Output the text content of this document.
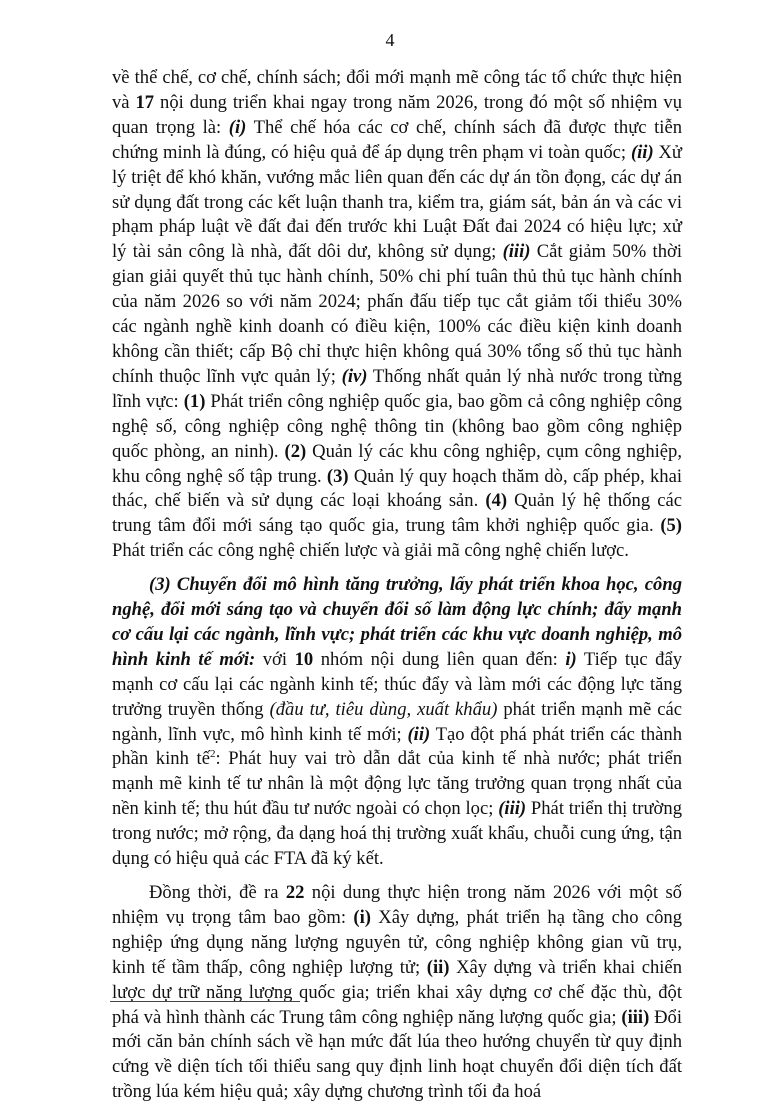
4

về thể chế, cơ chế, chính sách; đổi mới mạnh mẽ công tác tổ chức thực hiện và 17 nội dung triển khai ngay trong năm 2026, trong đó một số nhiệm vụ quan trọng là: (i) Thể chế hóa các cơ chế, chính sách đã được thực tiễn chứng minh là đúng, có hiệu quả để áp dụng trên phạm vi toàn quốc; (ii) Xử lý triệt để khó khăn, vướng mắc liên quan đến các dự án tồn đọng, các dự án sử dụng đất trong các kết luận thanh tra, kiểm tra, giám sát, bản án và các vi phạm pháp luật về đất đai đến trước khi Luật Đất đai 2024 có hiệu lực; xử lý tài sản công là nhà, đất dôi dư, không sử dụng; (iii) Cắt giảm 50% thời gian giải quyết thủ tục hành chính, 50% chi phí tuân thủ thủ tục hành chính của năm 2026 so với năm 2024; phấn đấu tiếp tục cắt giảm tối thiểu 30% các ngành nghề kinh doanh có điều kiện, 100% các điều kiện kinh doanh không cần thiết; cấp Bộ chỉ thực hiện không quá 30% tổng số thủ tục hành chính thuộc lĩnh vực quản lý; (iv) Thống nhất quản lý nhà nước trong từng lĩnh vực: (1) Phát triển công nghiệp quốc gia, bao gồm cả công nghiệp công nghệ số, công nghiệp công nghệ thông tin (không bao gồm công nghiệp quốc phòng, an ninh). (2) Quản lý các khu công nghiệp, cụm công nghiệp, khu công nghệ số tập trung. (3) Quản lý quy hoạch thăm dò, cấp phép, khai thác, chế biến và sử dụng các loại khoáng sản. (4) Quản lý hệ thống các trung tâm đổi mới sáng tạo quốc gia, trung tâm khởi nghiệp quốc gia. (5) Phát triển các công nghệ chiến lược và giải mã công nghệ chiến lược.

(3) Chuyển đổi mô hình tăng trưởng, lấy phát triển khoa học, công nghệ, đổi mới sáng tạo và chuyển đổi số làm động lực chính; đẩy mạnh cơ cấu lại các ngành, lĩnh vực; phát triển các khu vực doanh nghiệp, mô hình kinh tế mới: với 10 nhóm nội dung liên quan đến: i) Tiếp tục đẩy mạnh cơ cấu lại các ngành kinh tế; thúc đẩy và làm mới các động lực tăng trưởng truyền thống (đầu tư, tiêu dùng, xuất khẩu) phát triển mạnh mẽ các ngành, lĩnh vực, mô hình kinh tế mới; (ii) Tạo đột phá phát triển các thành phần kinh tế$^2$: Phát huy vai trò dẫn dắt của kinh tế nhà nước; phát triển mạnh mẽ kinh tế tư nhân là một động lực tăng trưởng quan trọng nhất của nền kinh tế; thu hút đầu tư nước ngoài có chọn lọc; (iii) Phát triển thị trường trong nước; mở rộng, đa dạng hoá thị trường xuất khẩu, chuỗi cung ứng, tận dụng có hiệu quả các FTA đã ký kết.

Đồng thời, đề ra 22 nội dung thực hiện trong năm 2026 với một số nhiệm vụ trọng tâm bao gồm: (i) Xây dựng, phát triển hạ tầng cho công nghiệp ứng dụng năng lượng nguyên tử, công nghiệp không gian vũ trụ, kinh tế tầm thấp, công nghiệp lượng tử; (ii) Xây dựng và triển khai chiến lược dự trữ năng lượng quốc gia; triển khai xây dựng cơ chế đặc thù, đột phá và hình thành các Trung tâm công nghiệp năng lượng quốc gia; (iii) Đổi mới căn bản chính sách về hạn mức đất lúa theo hướng chuyển từ quy định cứng về diện tích tối thiểu sang quy định linh hoạt chuyển đổi diện tích đất trồng lúa kém hiệu quả; xây dựng chương trình tối đa hoá
